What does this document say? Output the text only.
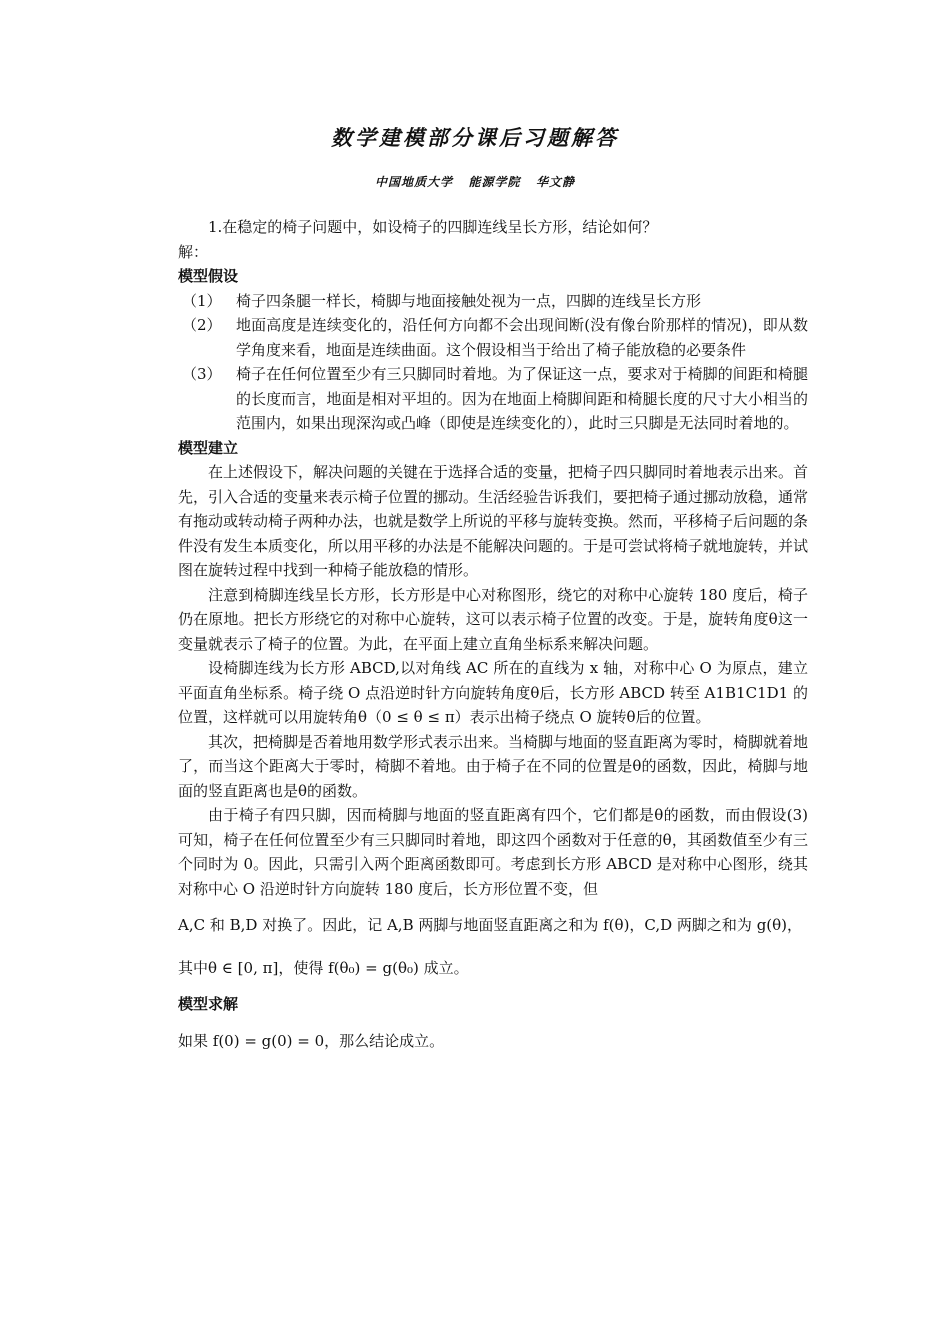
数学建模部分课后习题解答
中国地质大学   能源学院   华文静

1.在稳定的椅子问题中，如设椅子的四脚连线呈长方形，结论如何？

解：

模型假设

（1） 椅子四条腿一样长，椅脚与地面接触处视为一点，四脚的连线呈长方形

（2） 地面高度是连续变化的，沿任何方向都不会出现间断(没有像台阶那样的情况)，即从数学角度来看，地面是连续曲面。这个假设相当于给出了椅子能放稳的必要条件

（3） 椅子在任何位置至少有三只脚同时着地。为了保证这一点，要求对于椅脚的间距和椅腿的长度而言，地面是相对平坦的。因为在地面上椅脚间距和椅腿长度的尺寸大小相当的范围内，如果出现深沟或凸峰（即使是连续变化的），此时三只脚是无法同时着地的。

模型建立

在上述假设下，解决问题的关键在于选择合适的变量，把椅子四只脚同时着地表示出来。首先，引入合适的变量来表示椅子位置的挪动。生活经验告诉我们，要把椅子通过挪动放稳，通常有拖动或转动椅子两种办法，也就是数学上所说的平移与旋转变换。然而，平移椅子后问题的条件没有发生本质变化，所以用平移的办法是不能解决问题的。于是可尝试将椅子就地旋转，并试图在旋转过程中找到一种椅子能放稳的情形。

注意到椅脚连线呈长方形，长方形是中心对称图形，绕它的对称中心旋转 180 度后，椅子仍在原地。把长方形绕它的对称中心旋转，这可以表示椅子位置的改变。于是，旋转角度θ这一变量就表示了椅子的位置。为此，在平面上建立直角坐标系来解决问题。

设椅脚连线为长方形 ABCD,以对角线 AC 所在的直线为 x 轴，对称中心 O 为原点，建立平面直角坐标系。椅子绕 O 点沿逆时针方向旋转角度θ后，长方形 ABCD 转至 A1B1C1D1 的位置，这样就可以用旋转角θ（0 ≤ θ ≤ π）表示出椅子绕点 O 旋转θ后的位置。

其次，把椅脚是否着地用数学形式表示出来。当椅脚与地面的竖直距离为零时，椅脚就着地了，而当这个距离大于零时，椅脚不着地。由于椅子在不同的位置是θ的函数，因此，椅脚与地面的竖直距离也是θ的函数。

由于椅子有四只脚，因而椅脚与地面的竖直距离有四个，它们都是θ的函数，而由假设(3)可知，椅子在任何位置至少有三只脚同时着地，即这四个函数对于任意的θ，其函数值至少有三个同时为 0。因此，只需引入两个距离函数即可。考虑到长方形 ABCD 是对称中心图形，绕其对称中心 O 沿逆时针方向旋转 180 度后，长方形位置不变，但

A,C 和 B,D 对换了。因此，记 A,B 两脚与地面竖直距离之和为 f(θ)，C,D 两脚之和为 g(θ)，

其中θ ∈ [0, π]，使得 f(θ₀) = g(θ₀) 成立。

模型求解

如果 f(0) = g(0) = 0，那么结论成立。
